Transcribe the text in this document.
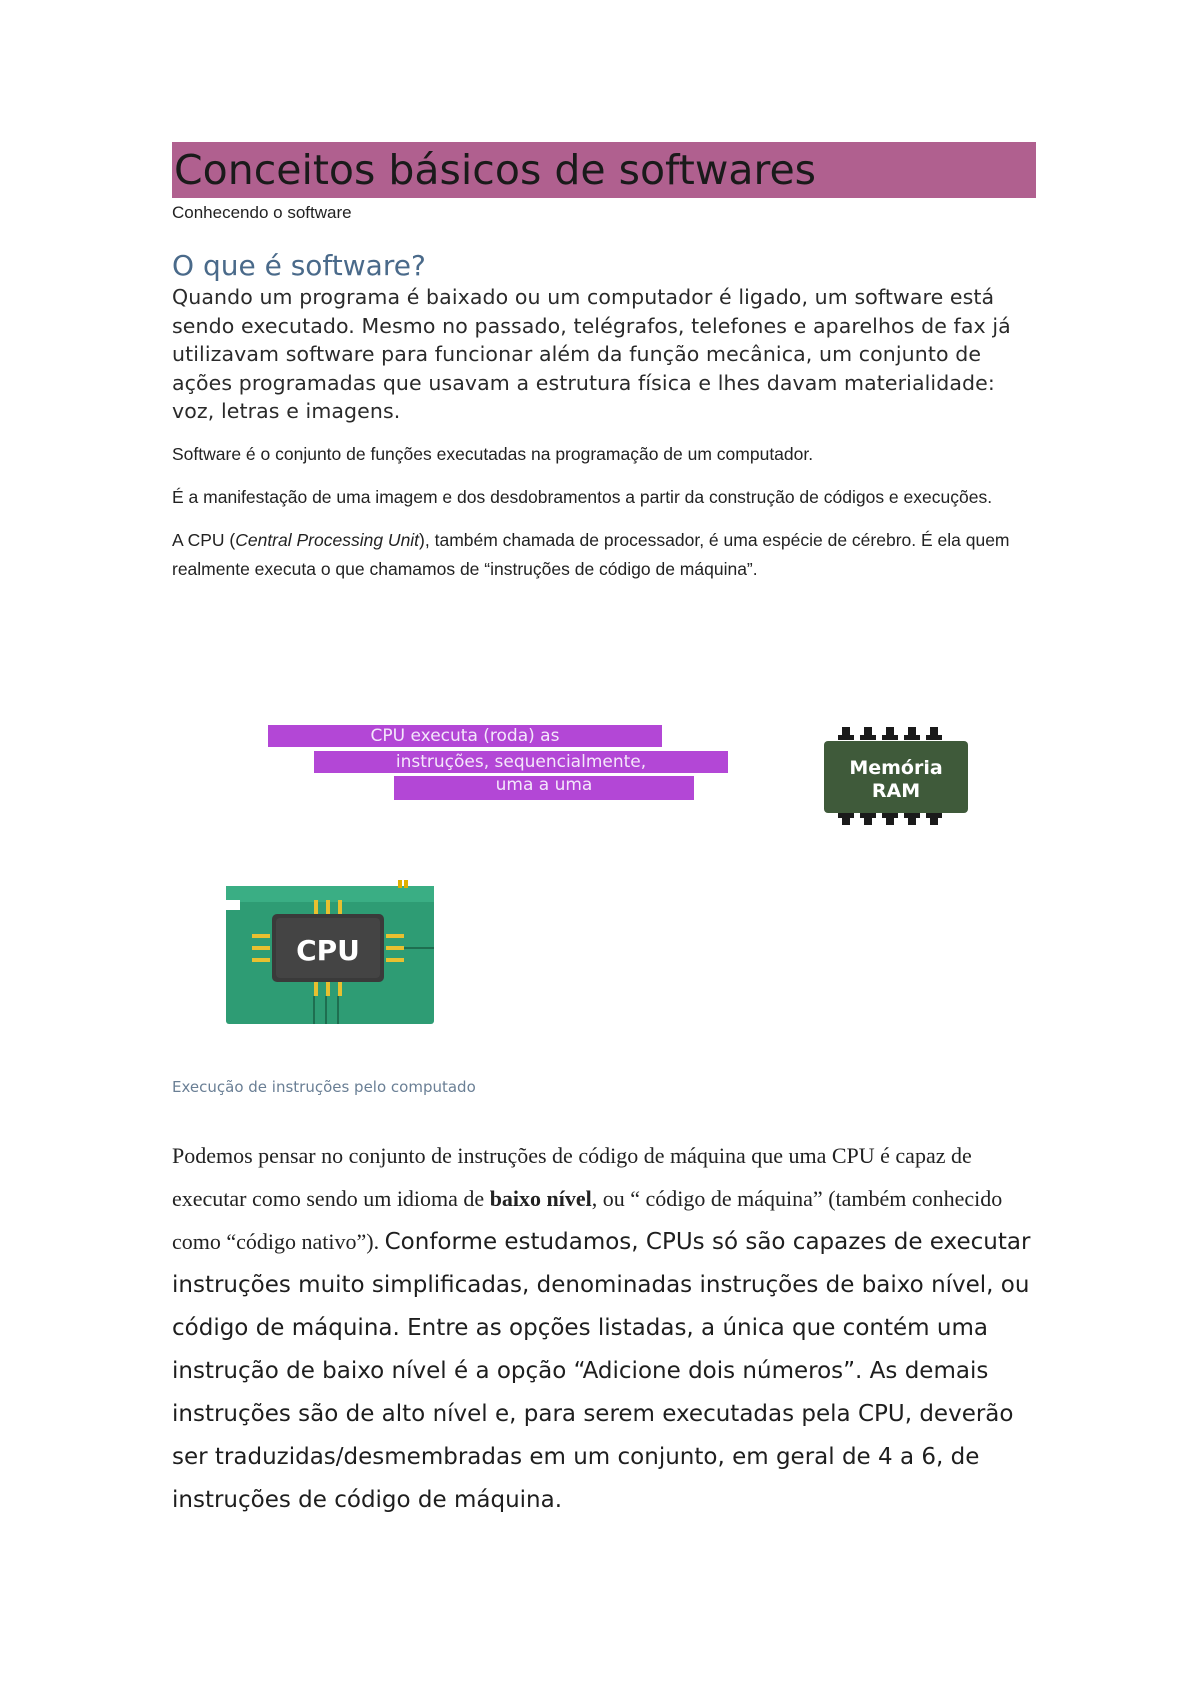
Conceitos básicos de softwares
Conhecendo o software
O que é software?
Quando um programa é baixado ou um computador é ligado, um software está sendo executado. Mesmo no passado, telégrafos, telefones e aparelhos de fax já utilizavam software para funcionar além da função mecânica, um conjunto de ações programadas que usavam a estrutura física e lhes davam materialidade: voz, letras e imagens.
Software é o conjunto de funções executadas na programação de um computador.
É a manifestação de uma imagem e dos desdobramentos a partir da construção de códigos e execuções.
A CPU (Central Processing Unit), também chamada de processador, é uma espécie de cérebro. É ela quem realmente executa o que chamamos de “instruções de código de máquina”.
CPU executa (roda) as
instruções, sequencialmente,
uma a uma
Memória
RAM
CPU
Execução de instruções pelo computado
Podemos pensar no conjunto de instruções de código de máquina que uma CPU é capaz de executar como sendo um idioma de baixo nível, ou “ código de máquina” (também conhecido como “código nativo”). Conforme estudamos, CPUs só são capazes de executar instruções muito simplificadas, denominadas instruções de baixo nível, ou código de máquina. Entre as opções listadas, a única que contém uma instrução de baixo nível é a opção “Adicione dois números”. As demais instruções são de alto nível e, para serem executadas pela CPU, deverão ser traduzidas/desmembradas em um conjunto, em geral de 4 a 6, de instruções de código de máquina.
